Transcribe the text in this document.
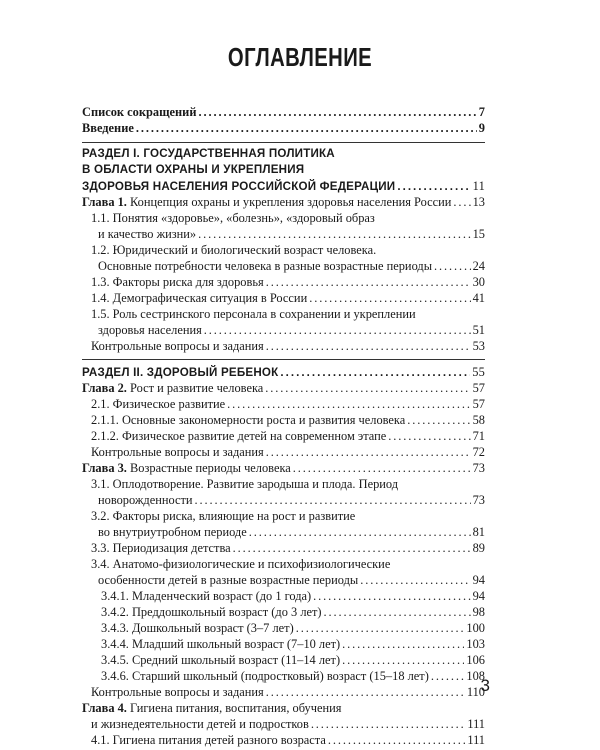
ОГЛАВЛЕНИЕ
Список сокращений . . .	7
Введение . . .	9
РАЗДЕЛ I. ГОСУДАРСТВЕННАЯ ПОЛИТИКА
В ОБЛАСТИ ОХРАНЫ И УКРЕПЛЕНИЯ
ЗДОРОВЬЯ НАСЕЛЕНИЯ РОССИЙСКОЙ ФЕДЕРАЦИИ . . .	11
Глава 1. Концепция охраны и укрепления здоровья населения России . . . 13
1.1. Понятия «здоровье», «болезнь», «здоровый образ
и качество жизни» . . .	15
1.2. Юридический и биологический возраст человека.
Основные потребности человека в разные возрастные периоды . . .	24
1.3. Факторы риска для здоровья . . .	30
1.4. Демографическая ситуация в России . . .	41
1.5. Роль сестринского персонала в сохранении и укреплении
здоровья населения . . .	51
Контрольные вопросы и задания . . .	53
РАЗДЕЛ II. ЗДОРОВЫЙ РЕБЕНОК . . .	55
Глава 2. Рост и развитие человека . . .	57
2.1. Физическое развитие . . .	57
2.1.1. Основные закономерности роста и развития человека . . .	58
2.1.2. Физическое развитие детей на современном этапе . . .	71
Контрольные вопросы и задания . . .	72
Глава 3. Возрастные периоды человека . . .	73
3.1. Оплодотворение. Развитие зародыша и плода. Период
новорожденности . . .	73
3.2. Факторы риска, влияющие на рост и развитие
во внутриутробном периоде . . .	81
3.3. Периодизация детства . . .	89
3.4. Анатомо-физиологические и психофизиологические
особенности детей в разные возрастные периоды . . .	94
3.4.1. Младенческий возраст (до 1 года) . . .	94
3.4.2. Преддошкольный возраст (до 3 лет) . . .	98
3.4.3. Дошкольный возраст (3–7 лет) . . .	100
3.4.4. Младший школьный возраст (7–10 лет) . . .	103
3.4.5. Средний школьный возраст (11–14 лет) . . .	106
3.4.6. Старший школьный (подростковый) возраст (15–18 лет) . . .	108
Контрольные вопросы и задания . . .	110
Глава 4. Гигиена питания, воспитания, обучения
и жизнедеятельности детей и подростков . . .	111
4.1. Гигиена питания детей разного возраста . . .	111
3
